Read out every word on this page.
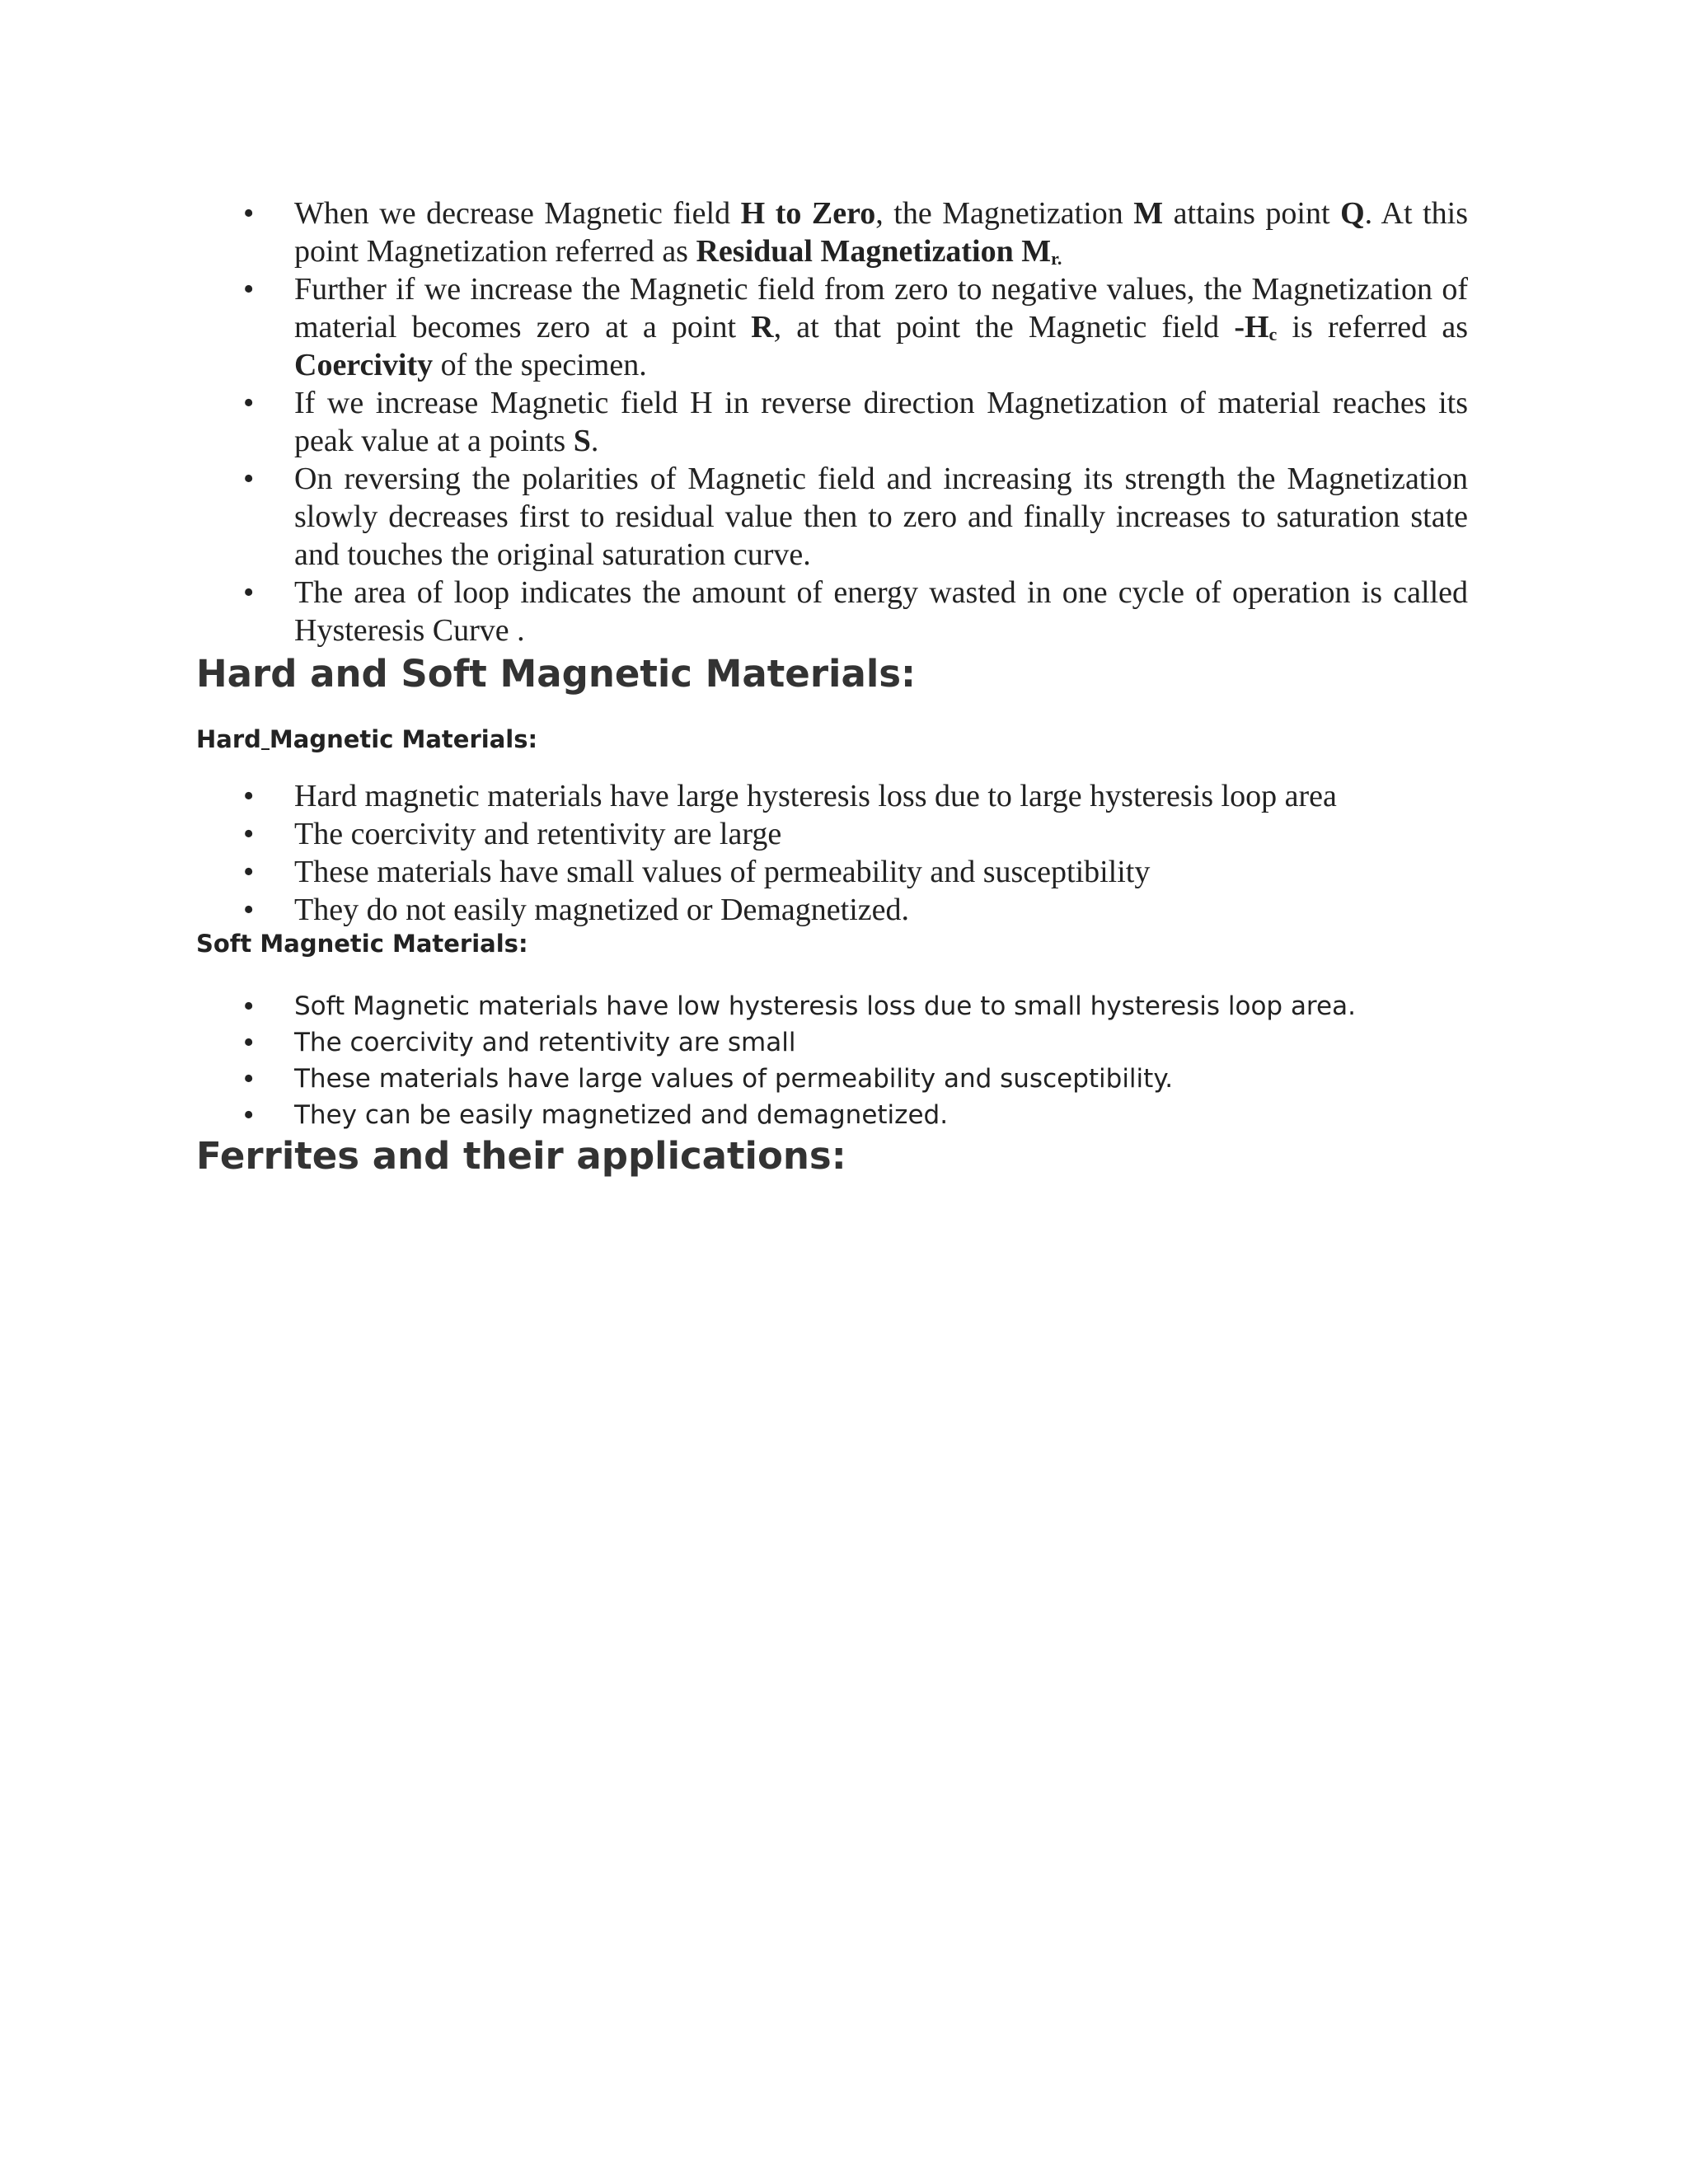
• When we decrease Magnetic field H to Zero, the Magnetization M attains point Q. At this point Magnetization referred as Residual Magnetization $M_{r.}$
• Further if we increase the Magnetic field from zero to negative values, the Magnetization of material becomes zero at a point R, at that point the Magnetic field $-H_c$ is referred as Coercivity of the specimen.
• If we increase Magnetic field H in reverse direction Magnetization of material reaches its peak value at a points S.
• On reversing the polarities of Magnetic field and increasing its strength the Magnetization slowly decreases first to residual value then to zero and finally increases to saturation state and touches the original saturation curve.
• The area of loop indicates the amount of energy wasted in one cycle of operation is called Hysteresis Curve .
Hard and Soft Magnetic Materials:
Hard Magnetic Materials:
• Hard magnetic materials have large hysteresis loss due to large hysteresis loop area
• The coercivity and retentivity are large
• These materials have small values of permeability and susceptibility
• They do not easily magnetized or Demagnetized.
Soft Magnetic Materials:
• Soft Magnetic materials have low hysteresis loss due to small hysteresis loop area.
• The coercivity and retentivity are small
• These materials have large values of permeability and susceptibility.
• They can be easily magnetized and demagnetized.
Ferrites and their applications:
